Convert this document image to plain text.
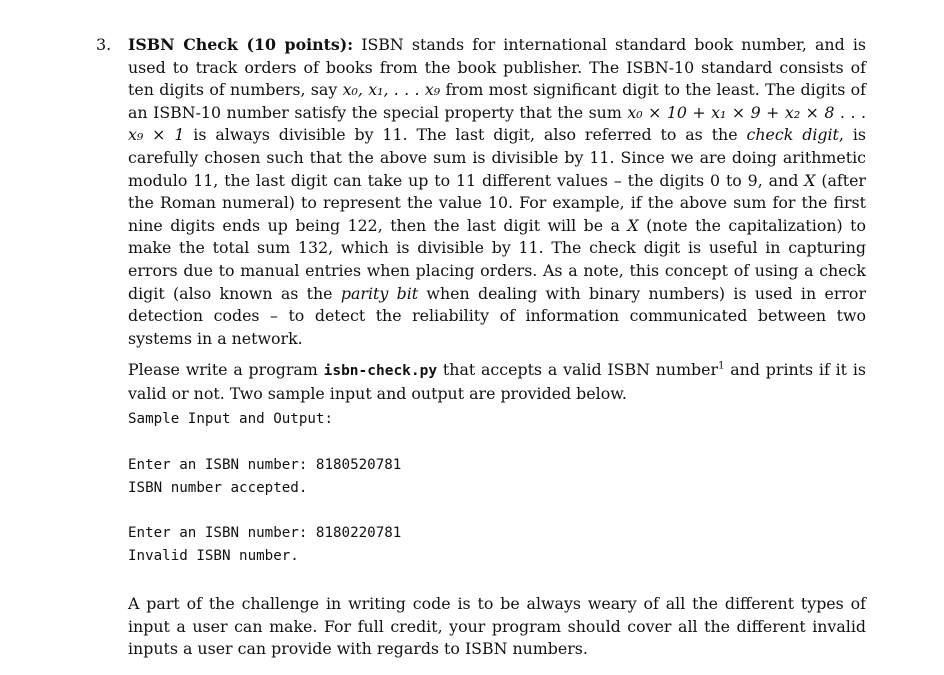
3. ISBN Check (10 points): ISBN stands for international standard book number, and is used to track orders of books from the book publisher. The ISBN-10 standard consists of ten digits of numbers, say x₀, x₁, . . . x₉ from most significant digit to the least. The digits of an ISBN-10 number satisfy the special property that the sum x₀ × 10 + x₁ × 9 + x₂ × 8 . . . x₉ × 1 is always divisible by 11. The last digit, also referred to as the check digit, is carefully chosen such that the above sum is divisible by 11. Since we are doing arithmetic modulo 11, the last digit can take up to 11 different values – the digits 0 to 9, and X (after the Roman numeral) to represent the value 10. For example, if the above sum for the first nine digits ends up being 122, then the last digit will be a X (note the capitalization) to make the total sum 132, which is divisible by 11. The check digit is useful in capturing errors due to manual entries when placing orders. As a note, this concept of using a check digit (also known as the parity bit when dealing with binary numbers) is used in error detection codes – to detect the reliability of information communicated between two systems in a network.

Please write a program isbn-check.py that accepts a valid ISBN number$^1$ and prints if it is valid or not. Two sample input and output are provided below.

Sample Input and Output:
Enter an ISBN number: 8180520781
ISBN number accepted.
Enter an ISBN number: 8180220781
Invalid ISBN number.

A part of the challenge in writing code is to be always weary of all the different types of input a user can make. For full credit, your program should cover all the different invalid inputs a user can provide with regards to ISBN numbers.
